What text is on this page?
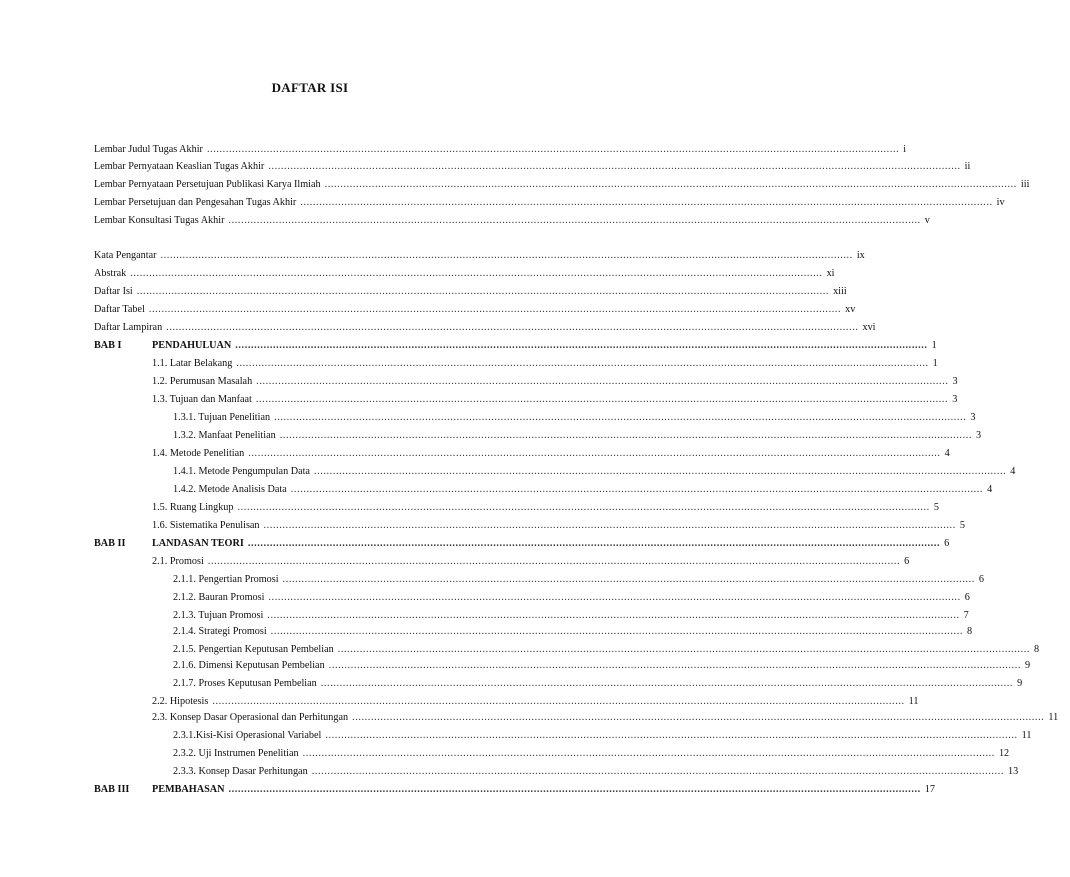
DAFTAR ISI
Lembar Judul Tugas Akhir ............................................................................................................................................................................................................................ i
Lembar Pernyataan Keaslian Tugas Akhir ............................................................................................................................................................................................................................ ii
Lembar Pernyataan Persetujuan Publikasi Karya Ilmiah ............................................................................................................................................................................................................................ iii
Lembar Persetujuan dan Pengesahan Tugas Akhir ............................................................................................................................................................................................................................ iv
Lembar Konsultasi Tugas Akhir ............................................................................................................................................................................................................................ v
Kata Pengantar ............................................................................................................................................................................................................................ ix
Abstrak ............................................................................................................................................................................................................................ xi
Daftar Isi ............................................................................................................................................................................................................................ xiii
Daftar Tabel ............................................................................................................................................................................................................................ xv
Daftar Lampiran ............................................................................................................................................................................................................................ xvi
BAB I	PENDAHULUAN ............................................................................................................................................................................................................................ 1
1.1. Latar Belakang ............................................................................................................................................................................................................................ 1
1.2. Perumusan Masalah ............................................................................................................................................................................................................................ 3
1.3. Tujuan dan Manfaat ............................................................................................................................................................................................................................ 3
1.3.1. Tujuan Penelitian ............................................................................................................................................................................................................................ 3
1.3.2. Manfaat Penelitian ............................................................................................................................................................................................................................ 3
1.4. Metode Penelitian ............................................................................................................................................................................................................................ 4
1.4.1. Metode Pengumpulan Data ............................................................................................................................................................................................................................ 4
1.4.2. Metode Analisis Data ............................................................................................................................................................................................................................ 4
1.5. Ruang Lingkup ............................................................................................................................................................................................................................ 5
1.6. Sistematika Penulisan ............................................................................................................................................................................................................................ 5
BAB II	LANDASAN TEORI ............................................................................................................................................................................................................................ 6
2.1. Promosi ............................................................................................................................................................................................................................ 6
2.1.1. Pengertian Promosi ............................................................................................................................................................................................................................ 6
2.1.2. Bauran Promosi ............................................................................................................................................................................................................................ 6
2.1.3. Tujuan Promosi ............................................................................................................................................................................................................................ 7
2.1.4. Strategi Promosi ............................................................................................................................................................................................................................ 8
2.1.5. Pengertian Keputusan Pembelian ............................................................................................................................................................................................................................ 8
2.1.6. Dimensi Keputusan Pembelian ............................................................................................................................................................................................................................ 9
2.1.7. Proses Keputusan Pembelian ............................................................................................................................................................................................................................ 9
2.2. Hipotesis ............................................................................................................................................................................................................................ 11
2.3. Konsep Dasar Operasional dan Perhitungan ............................................................................................................................................................................................................................ 11
2.3.1.Kisi-Kisi Operasional Variabel ............................................................................................................................................................................................................................ 11
2.3.2. Uji Instrumen Penelitian ............................................................................................................................................................................................................................ 12
2.3.3. Konsep Dasar Perhitungan ............................................................................................................................................................................................................................ 13
BAB III	PEMBAHASAN ............................................................................................................................................................................................................................ 17
